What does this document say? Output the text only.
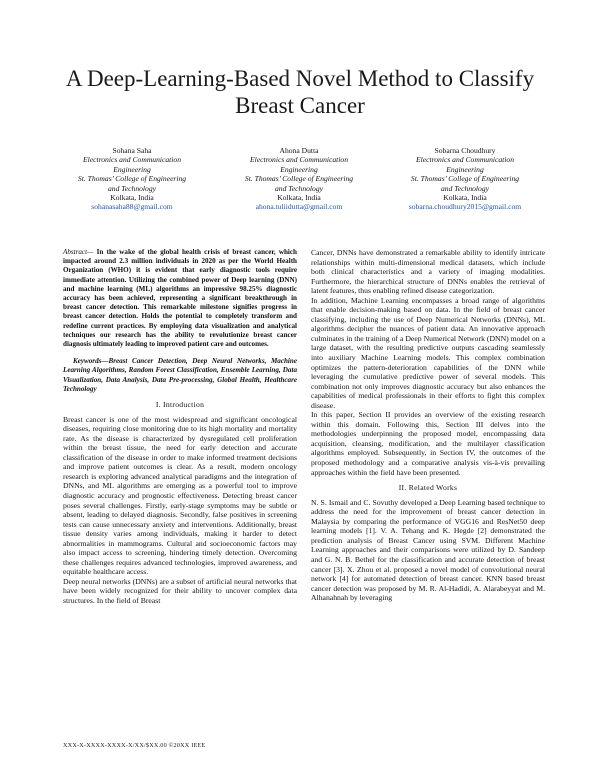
A Deep-Learning-Based Novel Method to Classify
Breast Cancer
Sohana Saha
Electronics and Communication
Engineering
St. Thomas’ College of Engineering
and Technology
Kolkata, India
sohanasaha88@gmail.com
Ahona Dutta
Electronics and Communication
Engineering
St. Thomas’ College of Engineering
and Technology
Kolkata, India
ahona.tuliidutta@gmail.com
Sobarna Choudhury
Electronics and Communication
Engineering
St. Thomas’ College of Engineering
and Technology
Kolkata, India
sobarna.choudhury2015@gmail.com

Abstract— In the wake of the global health crisis of breast cancer, which impacted around 2.3 million individuals in 2020 as per the World Health Organization (WHO) it is evident that early diagnostic tools require immediate attention. Utilizing the combined power of Deep learning (DNN) and machine learning (ML) algorithms an impressive 98.25% diagnostic accuracy has been achieved, representing a significant breakthrough in breast cancer detection. This remarkable milestone signifies progress in breast cancer detection. Holds the potential to completely transform and redefine current practices. By employing data visualization and analytical techniques our research has the ability to revolutionize breast cancer diagnosis ultimately leading to improved patient care and outcomes.

Keywords—Breast Cancer Detection, Deep Neural Networks, Machine Learning Algorithms, Random Forest Classification, Ensemble Learning, Data Visualization, Data Analysis, Data Pre-processing, Global Health, Healthcare Technology

I. Introduction

Breast cancer is one of the most widespread and significant oncological diseases, requiring close monitoring due to its high mortality and mortality rate. As the disease is characterized by dysregulated cell proliferation within the breast tissue, the need for early detection and accurate classification of the disease in order to make informed treatment decisions and improve patient outcomes is clear. As a result, modern oncology research is exploring advanced analytical paradigms and the integration of DNNs, and ML algorithms are emerging as a powerful tool to improve diagnostic accuracy and prognostic effectiveness. Detecting breast cancer poses several challenges. Firstly, early-stage symptoms may be subtle or absent, leading to delayed diagnosis. Secondly, false positives in screening tests can cause unnecessary anxiety and interventions. Additionally, breast tissue density varies among individuals, making it harder to detect abnormalities in mammograms. Cultural and socioeconomic factors may also impact access to screening, hindering timely detection. Overcoming these challenges requires advanced technologies, improved awareness, and equitable healthcare access.

Deep neural networks (DNNs) are a subset of artificial neural networks that have been widely recognized for their ability to uncover complex data structures. In the field of Breast

Cancer, DNNs have demonstrated a remarkable ability to identify intricate relationships within multi-dimensional medical datasets, which include both clinical characteristics and a variety of imaging modalities. Furthermore, the hierarchical structure of DNNs enables the retrieval of latent features, thus enabling refined disease categorization.

In addition, Machine Learning encompasses a broad range of algorithms that enable decision-making based on data. In the field of breast cancer classifying, including the use of Deep Numerical Networks (DNNs), ML algorithms decipher the nuances of patient data. An innovative approach culminates in the training of a Deep Numerical Network (DNN) model on a large dataset, with the resulting predictive outputs cascading seamlessly into auxiliary Machine Learning models. This complex combination optimizes the pattern-deterioration capabilities of the DNN while leveraging the cumulative predictive power of several models. This combination not only improves diagnostic accuracy but also enhances the capabilities of medical professionals in their efforts to fight this complex disease.

In this paper, Section II provides an overview of the existing research within this domain. Following this, Section III delves into the methodologies underpinning the proposed model, encompassing data acquisition, cleansing, modification, and the multilayer classification algorithms employed. Subsequently, in Section IV, the outcomes of the proposed methodology and a comparative analysis vis-à-vis prevailing approaches within the field have been presented.

II. Related Works

N. S. Ismail and C. Sovuthy developed a Deep Learning based technique to address the need for the improvement of breast cancer detection in Malaysia by comparing the performance of VGG16 and ResNet50 deep learning models [1]. V. A. Tehang and K. Hegde [2] demonstrated the prediction analysis of Breast Cancer using SVM. Different Machine Learning approaches and their comparisons were utilized by D. Sandeep and G. N. B. Bethel for the classification and accurate detection of breast cancer [3]. X. Zhou et al. proposed a novel model of convolutional neural network [4] for automated detection of breast cancer. KNN based breast cancer detection was proposed by M. R. Al-Hadidi, A. Alarabeyyat and M. Alhanahnah by leveraging

XXX-X-XXXX-XXXX-X/XX/$XX.00 ©20XX IEEE
